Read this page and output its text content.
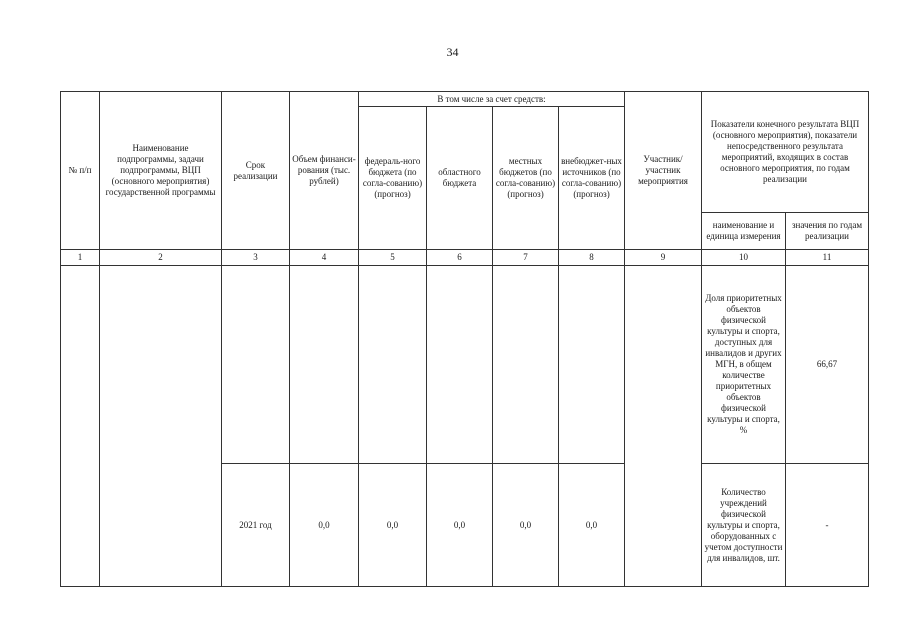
34
№ п/п	Наименование подпрограммы, задачи подпрограммы, ВЦП (основного мероприятия) государственной программы	Срок реализации	Объем финанси-рования (тыс. рублей)	В том числе за счет средств:				Участник/ участник мероприятия	Показатели конечного результата ВЦП (основного мероприятия), показатели непосредственного результата мероприятий, входящих в состав основного мероприятия, по годам реализации	
				федераль-ного бюджета (по согла-сованию) (прогноз)	областного бюджета	местных бюджетов (по согла-сованию) (прогноз)	внебюджет-ных источников (по согла-сованию) (прогноз)			
									наименование и единица измерения	значения по годам реализации
1	2	3	4	5	6	7	8	9	10	11
									Доля приоритетных объектов физической культуры и спорта, доступных для инвалидов и других МГН, в общем количестве приоритетных объектов физической культуры и спорта, %	66,67
		2021 год	0,0	0,0	0,0	0,0	0,0		Количество учреждений физической культуры и спорта, оборудованных с учетом доступности для инвалидов, шт.	-
